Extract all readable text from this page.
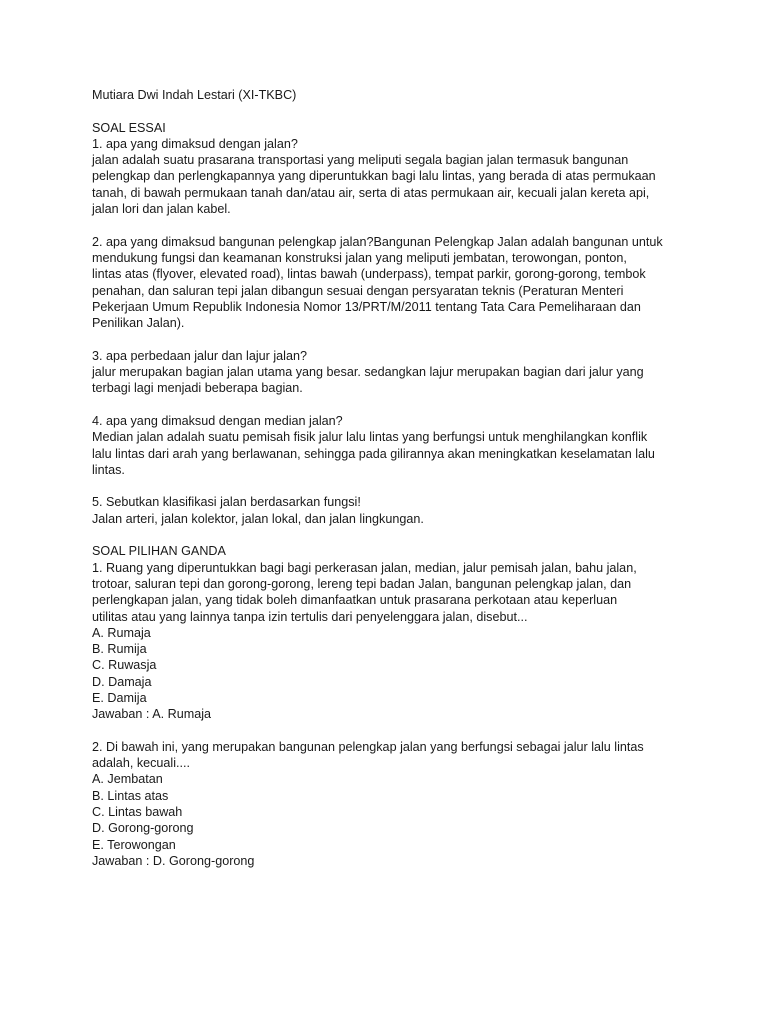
Mutiara Dwi Indah Lestari (XI-TKBC)
SOAL ESSAI
1. apa yang dimaksud dengan jalan?
jalan adalah suatu prasarana transportasi yang meliputi segala bagian jalan termasuk bangunan
pelengkap dan perlengkapannya yang diperuntukkan bagi lalu lintas, yang berada di atas permukaan
tanah, di bawah permukaan tanah dan/atau air, serta di atas permukaan air, kecuali jalan kereta api,
jalan lori dan jalan kabel.
2. apa yang dimaksud bangunan pelengkap jalan?Bangunan Pelengkap Jalan adalah bangunan untuk
mendukung fungsi dan keamanan konstruksi jalan yang meliputi jembatan, terowongan, ponton,
lintas atas (flyover, elevated road), lintas bawah (underpass), tempat parkir, gorong-gorong, tembok
penahan, dan saluran tepi jalan dibangun sesuai dengan persyaratan teknis (Peraturan Menteri
Pekerjaan Umum Republik Indonesia Nomor 13/PRT/M/2011 tentang Tata Cara Pemeliharaan dan
Penilikan Jalan).
3. apa perbedaan jalur dan lajur jalan?
jalur merupakan bagian jalan utama yang besar. sedangkan lajur merupakan bagian dari jalur yang
terbagi lagi menjadi beberapa bagian.
4. apa yang dimaksud dengan median jalan?
Median jalan adalah suatu pemisah fisik jalur lalu lintas yang berfungsi untuk menghilangkan konflik
lalu lintas dari arah yang berlawanan, sehingga pada gilirannya akan meningkatkan keselamatan lalu
lintas.
5. Sebutkan klasifikasi jalan berdasarkan fungsi!
Jalan arteri, jalan kolektor, jalan lokal, dan jalan lingkungan.
SOAL PILIHAN GANDA
1. Ruang yang diperuntukkan bagi bagi perkerasan jalan, median, jalur pemisah jalan, bahu jalan,
trotoar, saluran tepi dan gorong-gorong, lereng tepi badan Jalan, bangunan pelengkap jalan, dan
perlengkapan jalan, yang tidak boleh dimanfaatkan untuk prasarana perkotaan atau keperluan
utilitas atau yang lainnya tanpa izin tertulis dari penyelenggara jalan, disebut...
A. Rumaja
B. Rumija
C. Ruwasja
D. Damaja
E. Damija
Jawaban : A. Rumaja
2. Di bawah ini, yang merupakan bangunan pelengkap jalan yang berfungsi sebagai jalur lalu lintas
adalah, kecuali....
A. Jembatan
B. Lintas atas
C. Lintas bawah
D. Gorong-gorong
E. Terowongan
Jawaban : D. Gorong-gorong
